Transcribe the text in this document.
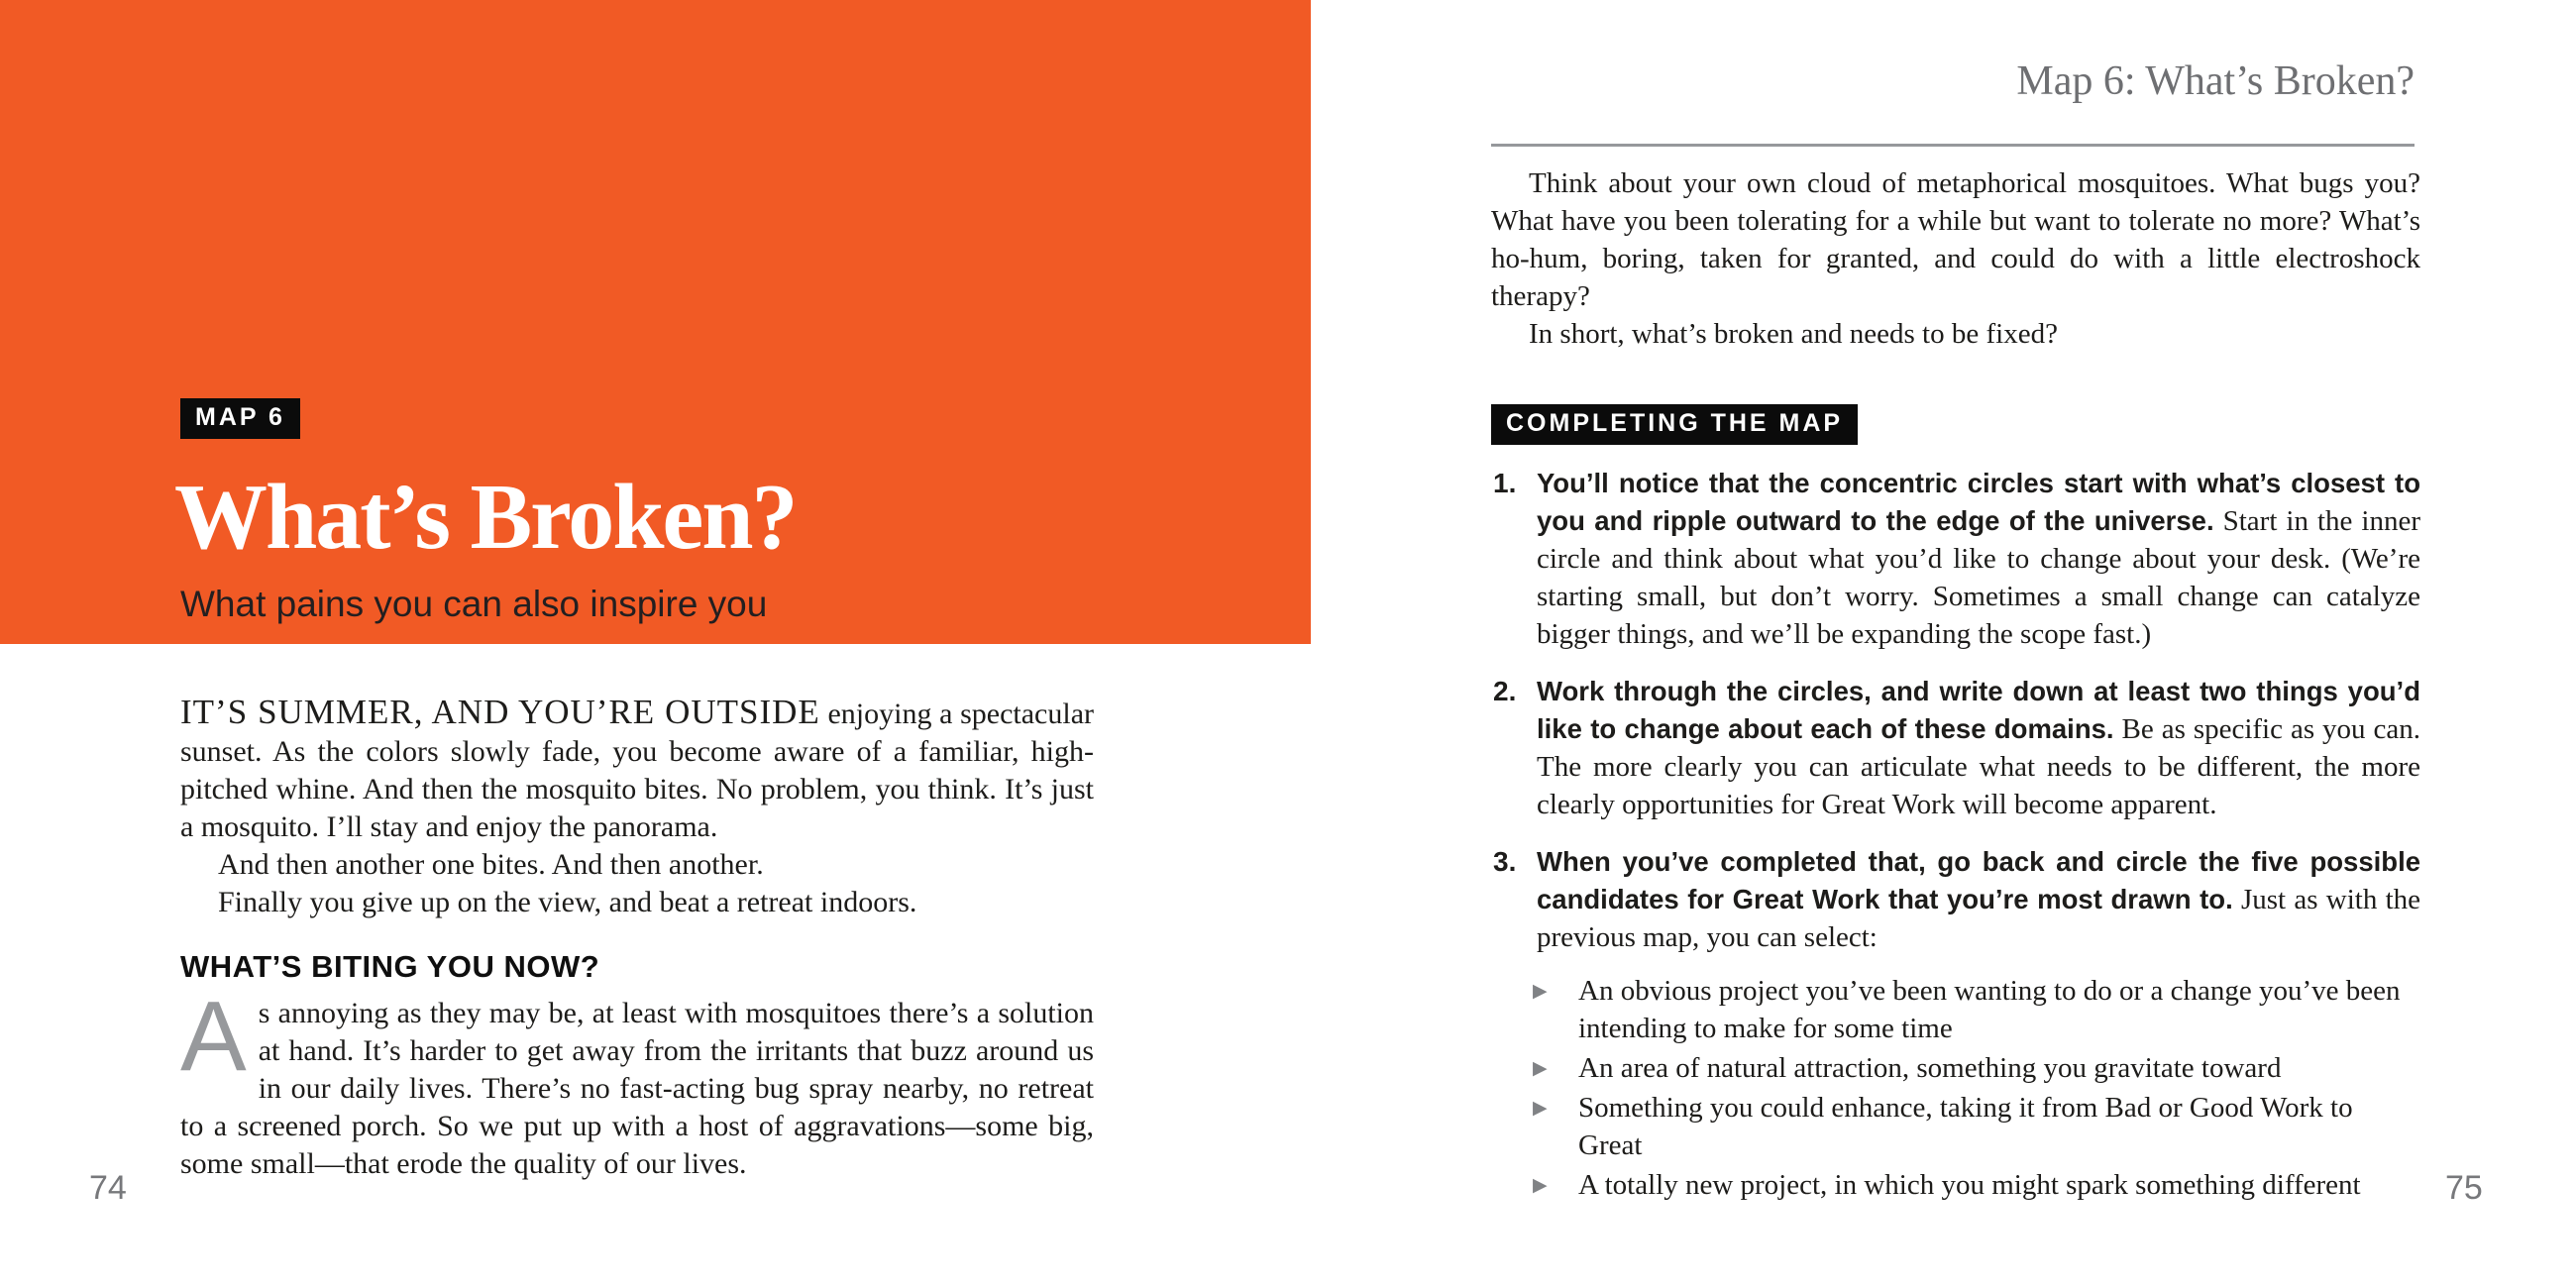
MAP 6
What’s Broken?
What pains you can also inspire you

IT’S SUMMER, AND YOU’RE OUTSIDE enjoying a spectacular sunset. As the colors slowly fade, you become aware of a familiar, high-pitched whine. And then the mosquito bites. No problem, you think. It’s just a mosquito. I’ll stay and enjoy the panorama.

And then another one bites. And then another.

Finally you give up on the view, and beat a retreat indoors.

WHAT’S BITING YOU NOW?

As annoying as they may be, at least with mosquitoes there’s a solution at hand. It’s harder to get away from the irritants that buzz around us in our daily lives. There’s no fast-acting bug spray nearby, no retreat to a screened porch. So we put up with a host of aggravations—some big, some small—that erode the quality of our lives.

74
Map 6: What’s Broken?

Think about your own cloud of metaphorical mosquitoes. What bugs you? What have you been tolerating for a while but want to tolerate no more? What’s ho-hum, boring, taken for granted, and could do with a little electroshock therapy?

In short, what’s broken and needs to be fixed?

COMPLETING THE MAP
1. You’ll notice that the concentric circles start with what’s closest to you and ripple outward to the edge of the universe. Start in the inner circle and think about what you’d like to change about your desk. (We’re starting small, but don’t worry. Sometimes a small change can catalyze bigger things, and we’ll be expanding the scope fast.)
2. Work through the circles, and write down at least two things you’d like to change about each of these domains. Be as specific as you can. The more clearly you can articulate what needs to be different, the more clearly opportunities for Great Work will become apparent.
3. When you’ve completed that, go back and circle the five possible candidates for Great Work that you’re most drawn to. Just as with the previous map, you can select:
▶ An obvious project you’ve been wanting to do or a change you’ve been intending to make for some time
▶ An area of natural attraction, something you gravitate toward
▶ Something you could enhance, taking it from Bad or Good Work to Great
▶ A totally new project, in which you might spark something different	75
